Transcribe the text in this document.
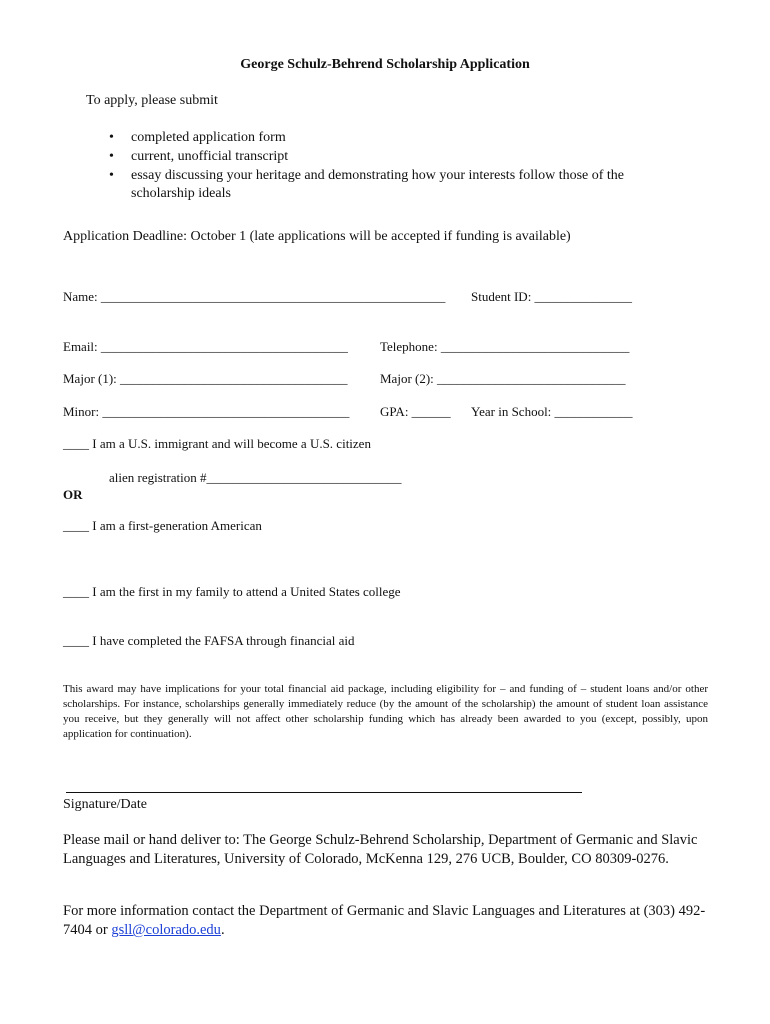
George Schulz-Behrend Scholarship Application
To apply, please submit
• completed application form
• current, unofficial transcript
• essay discussing your heritage and demonstrating how your interests follow those of the
scholarship ideals
Application Deadline: October 1 (late applications will be accepted if funding is available)
Name: _____________________________________________________ Student ID: _______________
Email: ______________________________________ Telephone: _____________________________
Major (1): ___________________________________ Major (2): _____________________________
Minor: ______________________________________ GPA: ______ Year in School: ____________
____ I am a U.S. immigrant and will become a U.S. citizen
alien registration #______________________________
OR
____ I am a first-generation American
____ I am the first in my family to attend a United States college
____ I have completed the FAFSA through financial aid
This award may have implications for your total financial aid package, including eligibility for – and funding of – student loans and/or other scholarships. For instance, scholarships generally immediately reduce (by the amount of the scholarship) the amount of student loan assistance you receive, but they generally will not affect other scholarship funding which has already been awarded to you (except, possibly, upon application for continuation).
Signature/Date
Please mail or hand deliver to: The George Schulz-Behrend Scholarship, Department of Germanic and Slavic Languages and Literatures, University of Colorado, McKenna 129, 276 UCB, Boulder, CO 80309-0276.
For more information contact the Department of Germanic and Slavic Languages and Literatures at (303) 492-7404 or gsll@colorado.edu.
